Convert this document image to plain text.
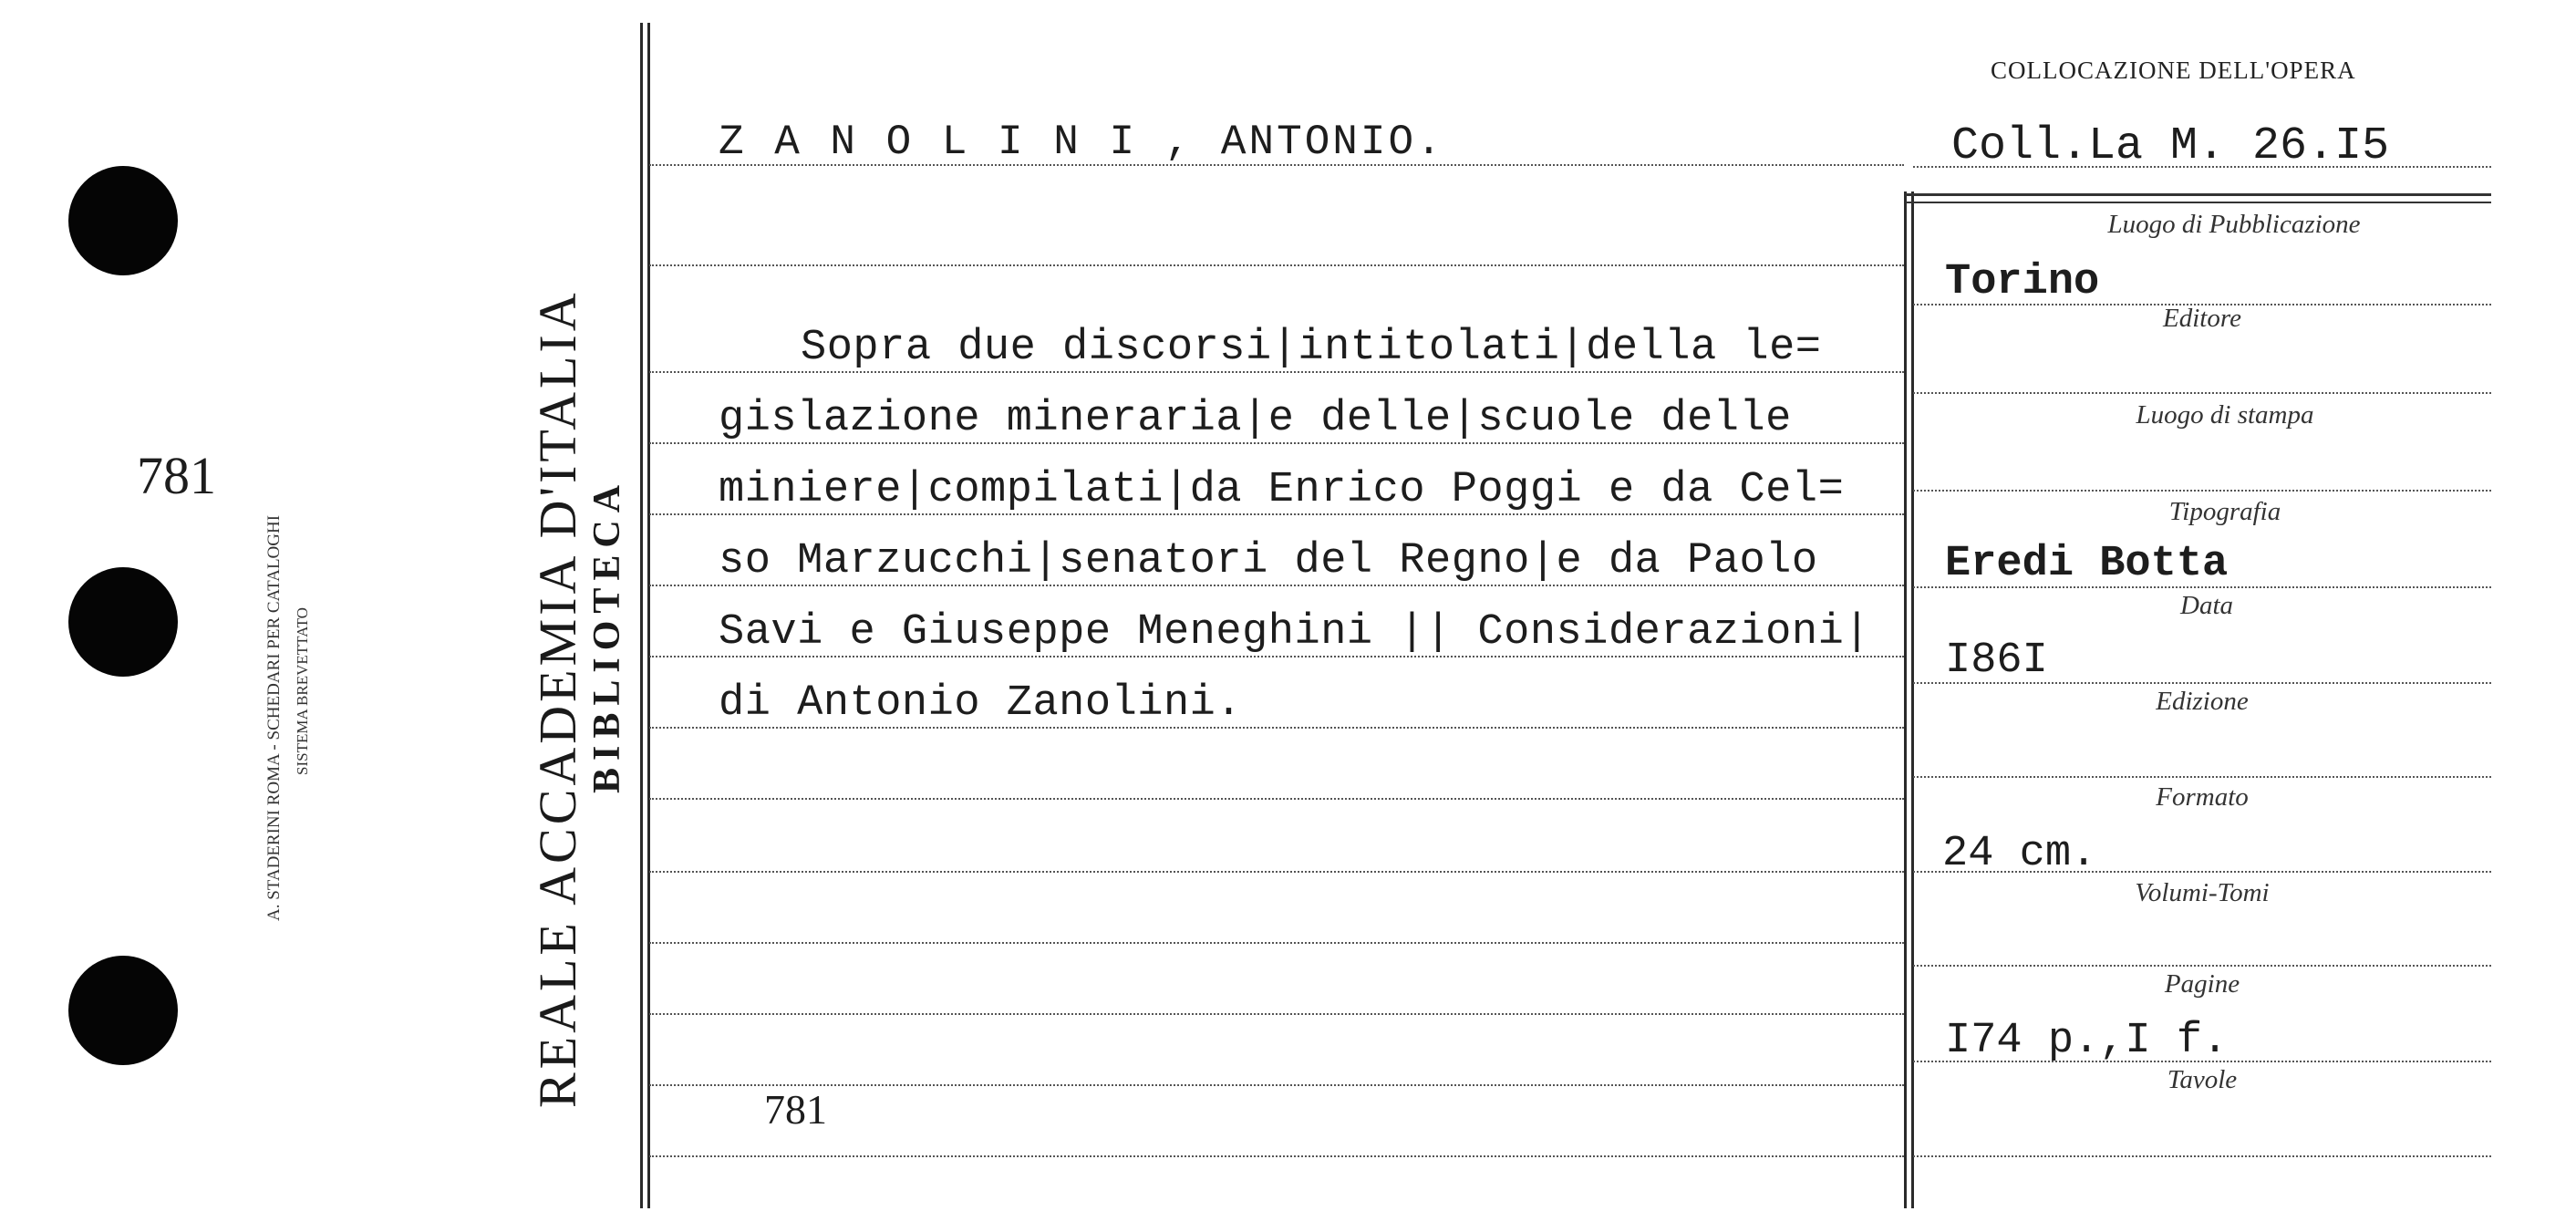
781
A. STADERINI ROMA - SCHEDARI PER CATALOGHI SISTEMA BREVETTATO	REALE ACCADEMIA D'ITALIA BIBLIOTECA
Z A N O L I N I , ANTONIO.
Sopra due discorsi|intitolati|della le=
gislazione mineraria|e delle|scuole delle
miniere|compilati|da Enrico Poggi e da Cel=
so Marzucchi|senatori del Regno|e da Paolo
Savi e Giuseppe Meneghini || Considerazioni|
di Antonio Zanolini.
781
COLLOCAZIONE DELL'OPERA
Coll.La M. 26.I5
Luogo di Pubblicazione
Torino
Editore
Luogo di stampa
Tipografia
Eredi Botta
Data
I86I
Edizione
Formato
24 cm.
Volumi-Tomi
Pagine
I74 p.,I f.
Tavole
